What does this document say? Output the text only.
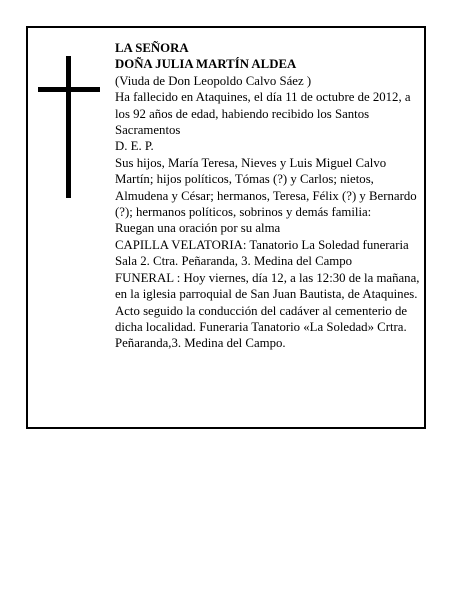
LA SEÑORA

DOÑA JULIA MARTÍN ALDEA

(Viuda de Don Leopoldo Calvo Sáez )

Ha fallecido en Ataquines, el día 11 de octubre de 2012, a los 92 años de edad, habiendo recibido los Santos Sacramentos

D. E. P.

Sus hijos, María Teresa, Nieves y Luis Miguel Calvo Martín; hijos políticos, Tómas (?) y Carlos; nietos, Almudena y César; hermanos, Teresa, Félix (?) y Bernardo (?); hermanos políticos, sobrinos y demás familia:

Ruegan una oración por su alma

CAPILLA VELATORIA: Tanatorio La Soledad funeraria Sala 2. Ctra. Peñaranda, 3. Medina del Campo

FUNERAL : Hoy viernes, día 12, a las 12:30 de la mañana, en la iglesia parroquial de San Juan Bautista, de Ataquines. Acto seguido la conducción del cadáver al cementerio de dicha localidad. Funeraria Tanatorio «La Soledad» Crtra. Peñaranda,3. Medina del Campo.
